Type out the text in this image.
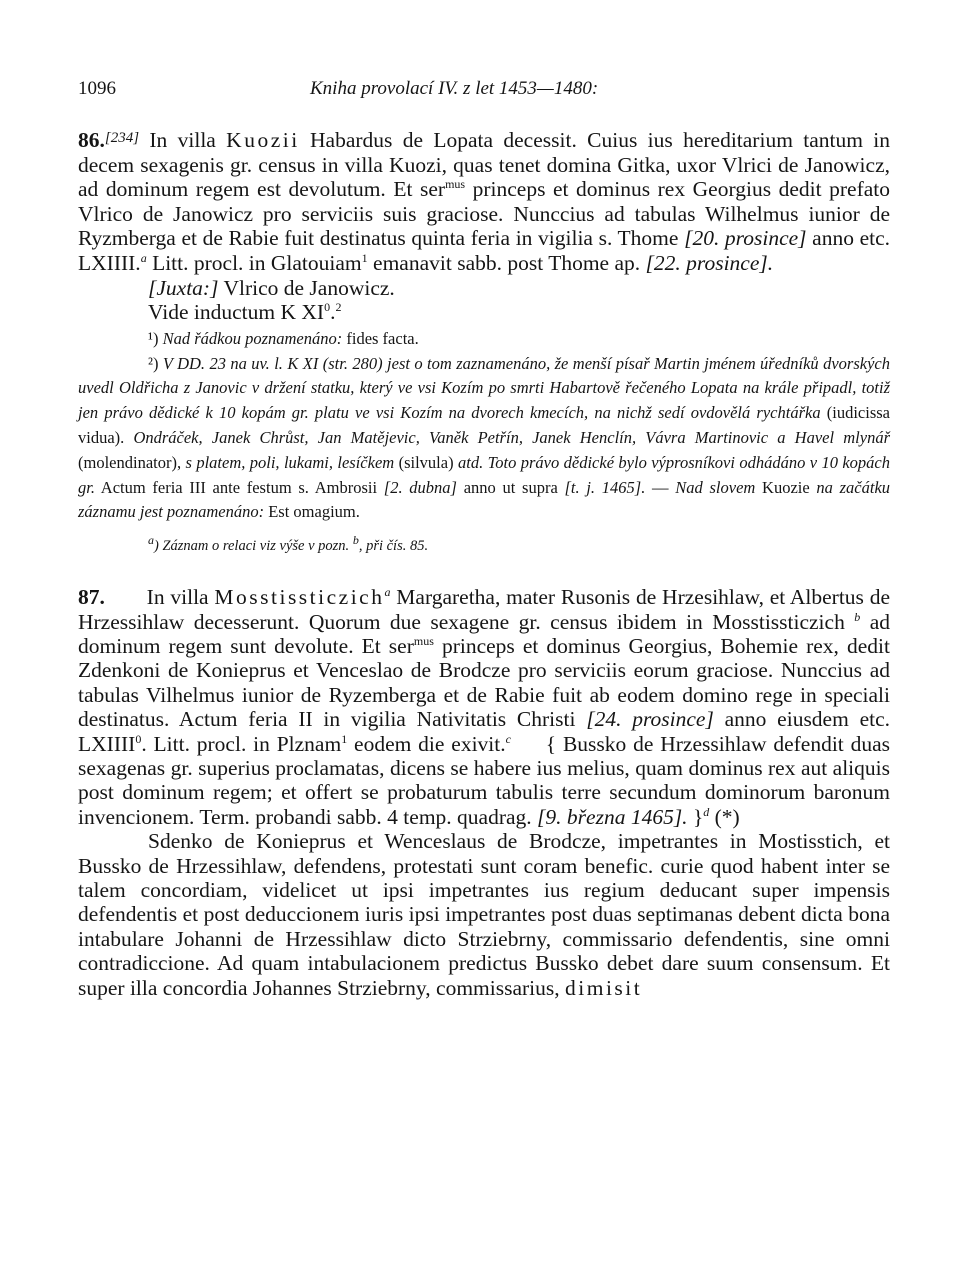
1096	Kniha provolací IV. z let 1453—1480:

86.[234] In villa Kuozii Habardus de Lopata decessit. Cuius ius hereditarium tantum in decem sexagenis gr. census in villa Kuozi, quas tenet domina Gitka, uxor Vlrici de Janowicz, ad dominum regem est devolutum. Et ser$^{mus}$ princeps et dominus rex Georgius dedit prefato Vlrico de Janowicz pro serviciis suis graciose. Nunccius ad tabulas Wilhelmus iunior de Ryzmberga et de Rabie fuit destinatus quinta feria in vigilia s. Thome [20. prosince] anno etc. LXIIII.$^a$ Litt. procl. in Glatouiam$^1$ emanavit sabb. post Thome ap. [22. prosince].

[Juxta:] Vlrico de Janowicz.

Vide inductum K $XI^0.^2$

¹) Nad řádkou poznamenáno: fides facta.

²) V DD. 23 na uv. l. K XI (str. 280) jest o tom zaznamenáno, že menší písař Martin jménem úředníků dvorských uvedl Oldřicha z Janovic v držení statku, který ve vsi Kozím po smrti Habartově řečeného Lopata na krále připadl, totiž jen právo dědické k 10 kopám gr. platu ve vsi Kozím na dvorech kmecích, na nichž sedí ovdovělá rychtářka (iudicissa vidua). Ondráček, Janek Chrůst, Jan Matějevic, Vaněk Petřín, Janek Henclín, Vávra Martinovic a Havel mlynář (molendinator), s platem, poli, lukami, lesíčkem (silvula) atd. Toto právo dědické bylo výprosníkovi odhádáno v 10 kopách gr. Actum feria III ante festum s. Ambrosii [2. dubna] anno ut supra [t. j. 1465]. — Nad slovem Kuozie na začátku záznamu jest poznamenáno: Est omagium.

$^a$) Záznam o relaci viz výše v pozn. $^b$, při čís. 85.

87. In villa Mosstissticzich$^a$ Margaretha, mater Rusonis de Hrzesihlaw, et Albertus de Hrzessihlaw decesserunt. Quorum due sexagene gr. census ibidem in Mosstissticzich $^b$ ad dominum regem sunt devolute. Et ser$^{mus}$ princeps et dominus Georgius, Bohemie rex, dedit Zdenkoni de Konieprus et Venceslao de Brodcze pro serviciis eorum graciose. Nunccius ad tabulas Vilhelmus iunior de Ryzemberga et de Rabie fuit ab eodem domino rege in speciali destinatus. Actum feria II in vigilia Nativitatis Christi [24. prosince] anno eiusdem etc. LXIIII$^0$. Litt. procl. in Plznam$^1$ eodem die exivit.$^c$ { Bussko de Hrzessihlaw defendit duas sexagenas gr. superius proclamatas, dicens se habere ius melius, quam dominus rex aut aliquis post dominum regem; et offert se probaturum tabulis terre secundum dominorum baronum invencionem. Term. probandi sabb. 4 temp. quadrag. [9. března 1465]. }$^d$ (*)

Sdenko de Konieprus et Wenceslaus de Brodcze, impetrantes in Mostisstich, et Bussko de Hrzessihlaw, defendens, protestati sunt coram benefic. curie quod habent inter se talem concordiam, videlicet ut ipsi impetrantes ius regium deducant super impensis defendentis et post deduccionem iuris ipsi impetrantes post duas septimanas debent dicta bona intabulare Johanni de Hrzessihlaw dicto Strziebrny, commissario defendentis, sine omni contradiccione. Ad quam intabulacionem predictus Bussko debet dare suum consensum. Et super illa concordia Johannes Strziebrny, commissarius, dimisit
